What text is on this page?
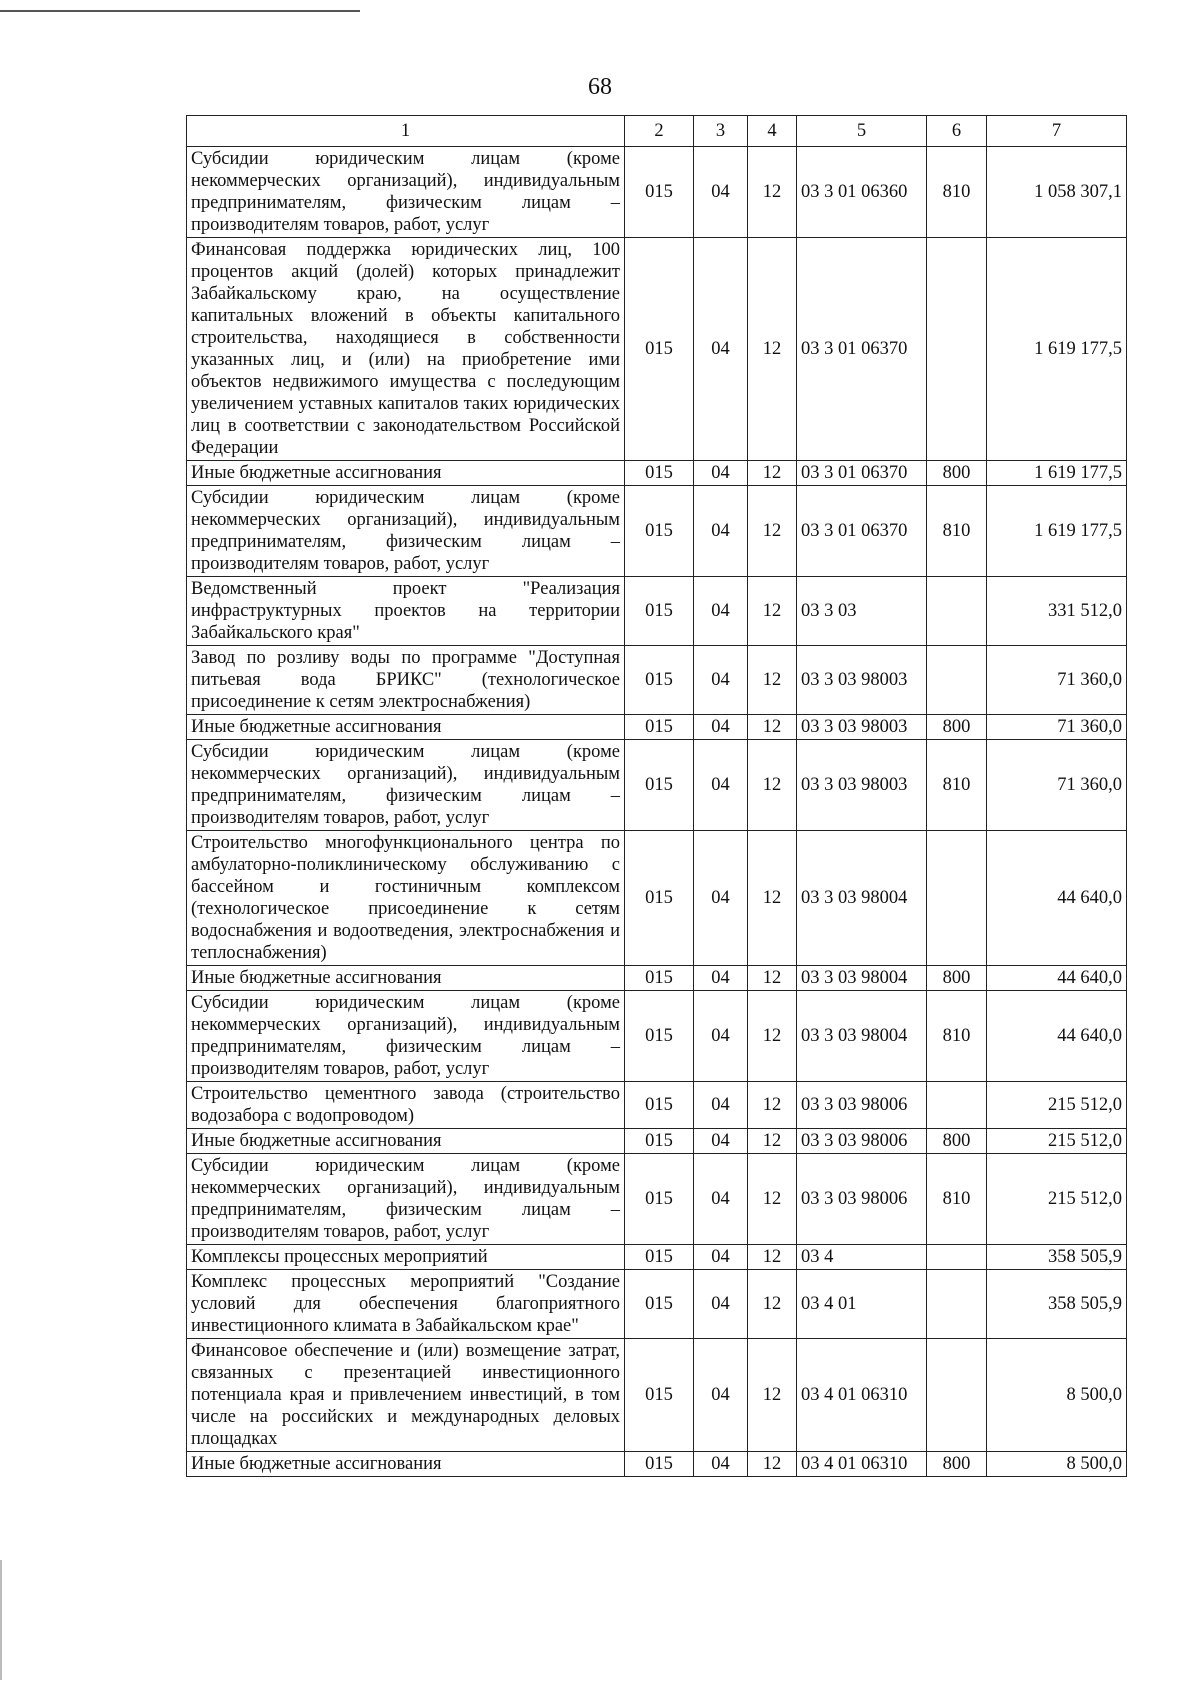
68
1	2	3	4	5	6	7
Субсидии юридическим лицам (кроме некоммерческих организаций), индивидуальным предпринимателям, физическим лицам – производителям товаров, работ, услуг	015	04	12	03 3 01 06360	810	1 058 307,1
Финансовая поддержка юридических лиц, 100 процентов акций (долей) которых принадлежит Забайкальскому краю, на осуществление капитальных вложений в объекты капитального строительства, находящиеся в собственности указанных лиц, и (или) на приобретение ими объектов недвижимого имущества с последующим увеличением уставных капиталов таких юридических лиц в соответствии с законодательством Российской Федерации	015	04	12	03 3 01 06370		1 619 177,5
Иные бюджетные ассигнования	015	04	12	03 3 01 06370	800	1 619 177,5
Субсидии юридическим лицам (кроме некоммерческих организаций), индивидуальным предпринимателям, физическим лицам – производителям товаров, работ, услуг	015	04	12	03 3 01 06370	810	1 619 177,5
Ведомственный проект "Реализация инфраструктурных проектов на территории Забайкальского края"	015	04	12	03 3 03		331 512,0
Завод по розливу воды по программе "Доступная питьевая вода БРИКС" (технологическое присоединение к сетям электроснабжения)	015	04	12	03 3 03 98003		71 360,0
Иные бюджетные ассигнования	015	04	12	03 3 03 98003	800	71 360,0
Субсидии юридическим лицам (кроме некоммерческих организаций), индивидуальным предпринимателям, физическим лицам – производителям товаров, работ, услуг	015	04	12	03 3 03 98003	810	71 360,0
Строительство многофункционального центра по амбулаторно-поликлиническому обслуживанию с бассейном и гостиничным комплексом (технологическое присоединение к сетям водоснабжения и водоотведения, электроснабжения и теплоснабжения)	015	04	12	03 3 03 98004		44 640,0
Иные бюджетные ассигнования	015	04	12	03 3 03 98004	800	44 640,0
Субсидии юридическим лицам (кроме некоммерческих организаций), индивидуальным предпринимателям, физическим лицам – производителям товаров, работ, услуг	015	04	12	03 3 03 98004	810	44 640,0
Строительство цементного завода (строительство водозабора с водопроводом)	015	04	12	03 3 03 98006		215 512,0
Иные бюджетные ассигнования	015	04	12	03 3 03 98006	800	215 512,0
Субсидии юридическим лицам (кроме некоммерческих организаций), индивидуальным предпринимателям, физическим лицам – производителям товаров, работ, услуг	015	04	12	03 3 03 98006	810	215 512,0
Комплексы процессных мероприятий	015	04	12	03 4		358 505,9
Комплекс процессных мероприятий "Создание условий для обеспечения благоприятного инвестиционного климата в Забайкальском крае"	015	04	12	03 4 01		358 505,9
Финансовое обеспечение и (или) возмещение затрат, связанных с презентацией инвестиционного потенциала края и привлечением инвестиций, в том числе на российских и международных деловых площадках	015	04	12	03 4 01 06310		8 500,0
Иные бюджетные ассигнования	015	04	12	03 4 01 06310	800	8 500,0
